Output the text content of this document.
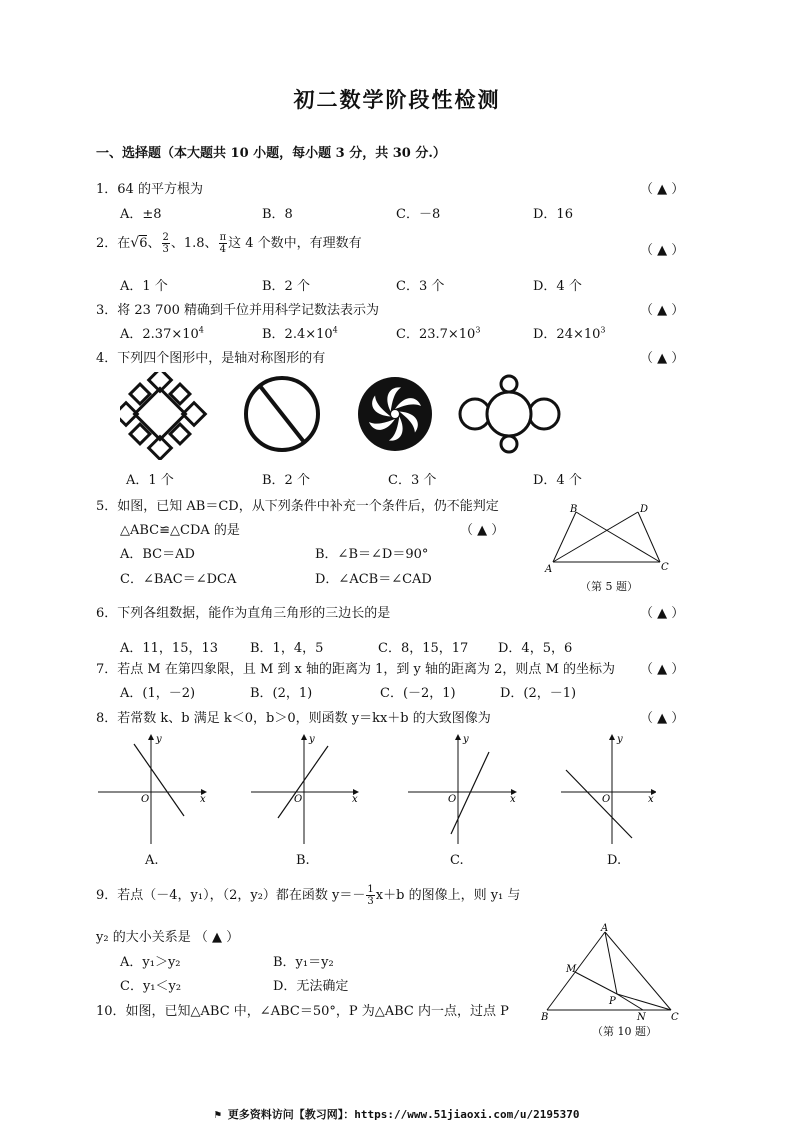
初二数学阶段性检测
一、选择题（本大题共 10 小题，每小题 3 分，共 30 分.）
1．64 的平方根为	（ ▲ ）
A．±8	B．8	C．－8	D．16
2．在√6、 $\frac{2}{3}$ 、1.8、 $\frac{\pi}{4}$ 这 4 个数中，有理数有	（ ▲ ）
A．1 个	B．2 个	C．3 个	D．4 个
3．将 23 700 精确到千位并用科学记数法表示为	（ ▲ ）
A．$2.37\times 10^4$	B．$2.4\times 10^4$	C．$23.7\times 10^3$	D．$24\times 10^3$
4．下列四个图形中，是轴对称图形的有	（ ▲ ）
A．1 个	B．2 个	C．3 个	D．4 个
5．如图，已知 AB＝CD，从下列条件中补充一个条件后，仍不能判定
△ABC≌△CDA 的是	（ ▲ ）
A．BC＝AD	B．∠B＝∠D＝90°
C．∠BAC＝∠DCA	D．∠ACB＝∠CAD
A
B
C
D
（第 5 题）
6．下列各组数据，能作为直角三角形的三边长的是	（ ▲ ）
A．11，15，13 B．1，4，5	C．8，15，17 D．4，5，6
7．若点 M 在第四象限，且 M 到 x 轴的距离为 1，到 y 轴的距离为 2，则点 M 的坐标为 （ ▲ ）
A．(1，－2)	B．(2，1)	C．(－2，1)	D．(2，－1)
8．若常数 k、b 满足 k＜0，b＞0，则函数 y＝kx＋b 的大致图像为	（ ▲ ）
O	x
y
O	x
y
O	x
y
O	x
y
A.	B.	C.	D.
9．若点（－4，y₁），（2，y₂）都在函数 $y=- \frac{1}{3} x+b$ 的图像上，则 y₁ 与
y₂ 的大小关系是 （ ▲ ）
A．y₁＞y₂	B．y₁＝y₂
C．y₁＜y₂	D．无法确定
10．如图，已知△ABC 中，∠ABC＝50°，P 为△ABC 内一点，过点 P
A
B	C
M
N
P
（第 10 题）
⚑ 更多资料访问【教习网】：https://www.51jiaoxi.com/u/2195370
